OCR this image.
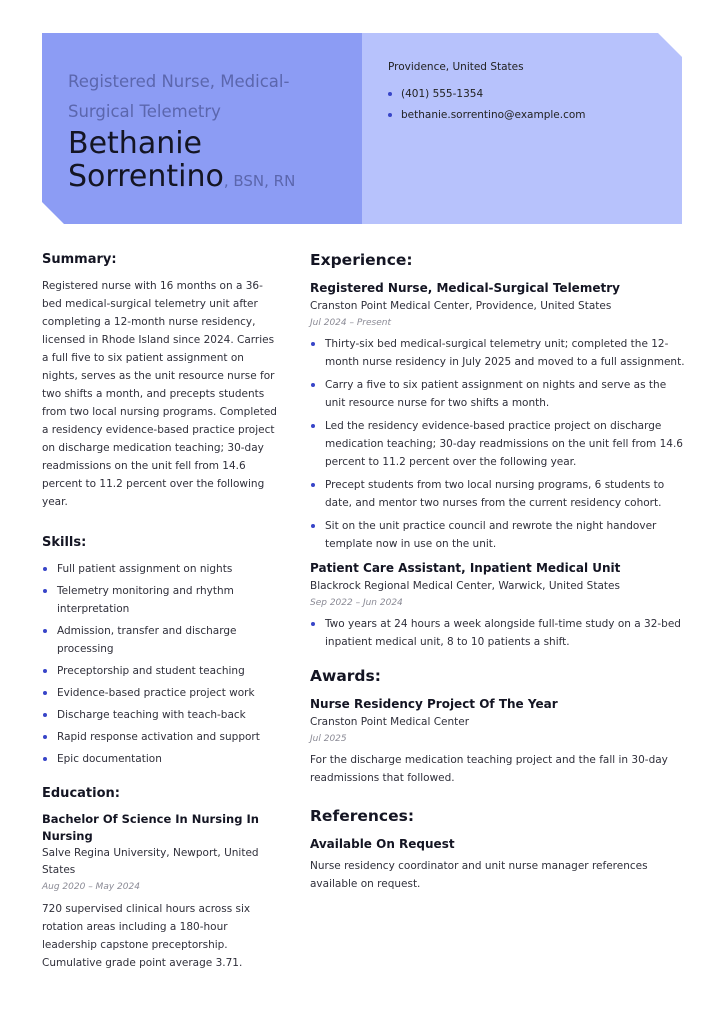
Registered Nurse, Medical-Surgical Telemetry
Bethanie
Sorrentino, BSN, RN
Providence, United States
(401) 555-1354
bethanie.sorrentino@example.com
Summary:

Registered nurse with 16 months on a 36-bed medical-surgical telemetry unit after completing a 12-month nurse residency, licensed in Rhode Island since 2024. Carries a full five to six patient assignment on nights, serves as the unit resource nurse for two shifts a month, and precepts students from two local nursing programs. Completed a residency evidence-based practice project on discharge medication teaching; 30-day readmissions on the unit fell from 14.6 percent to 11.2 percent over the following year.

Skills:
Full patient assignment on nights
Telemetry monitoring and rhythm interpretation
Admission, transfer and discharge processing
Preceptorship and student teaching
Evidence-based practice project work
Discharge teaching with teach-back
Rapid response activation and support
Epic documentation
Education:
Bachelor Of Science In Nursing In Nursing
Salve Regina University, Newport, United States
Aug 2020 – May 2024

720 supervised clinical hours across six rotation areas including a 180-hour leadership capstone preceptorship. Cumulative grade point average 3.71.

Experience:
Registered Nurse, Medical-Surgical Telemetry
Cranston Point Medical Center, Providence, United States
Jul 2024 – Present
Thirty-six bed medical-surgical telemetry unit; completed the 12-month nurse residency in July 2025 and moved to a full assignment.
Carry a five to six patient assignment on nights and serve as the unit resource nurse for two shifts a month.
Led the residency evidence-based practice project on discharge medication teaching; 30-day readmissions on the unit fell from 14.6 percent to 11.2 percent over the following year.
Precept students from two local nursing programs, 6 students to date, and mentor two nurses from the current residency cohort.
Sit on the unit practice council and rewrote the night handover template now in use on the unit.
Patient Care Assistant, Inpatient Medical Unit
Blackrock Regional Medical Center, Warwick, United States
Sep 2022 – Jun 2024
Two years at 24 hours a week alongside full-time study on a 32-bed inpatient medical unit, 8 to 10 patients a shift.
Awards:
Nurse Residency Project Of The Year
Cranston Point Medical Center
Jul 2025

For the discharge medication teaching project and the fall in 30-day readmissions that followed.

References:
Available On Request

Nurse residency coordinator and unit nurse manager references available on request.
